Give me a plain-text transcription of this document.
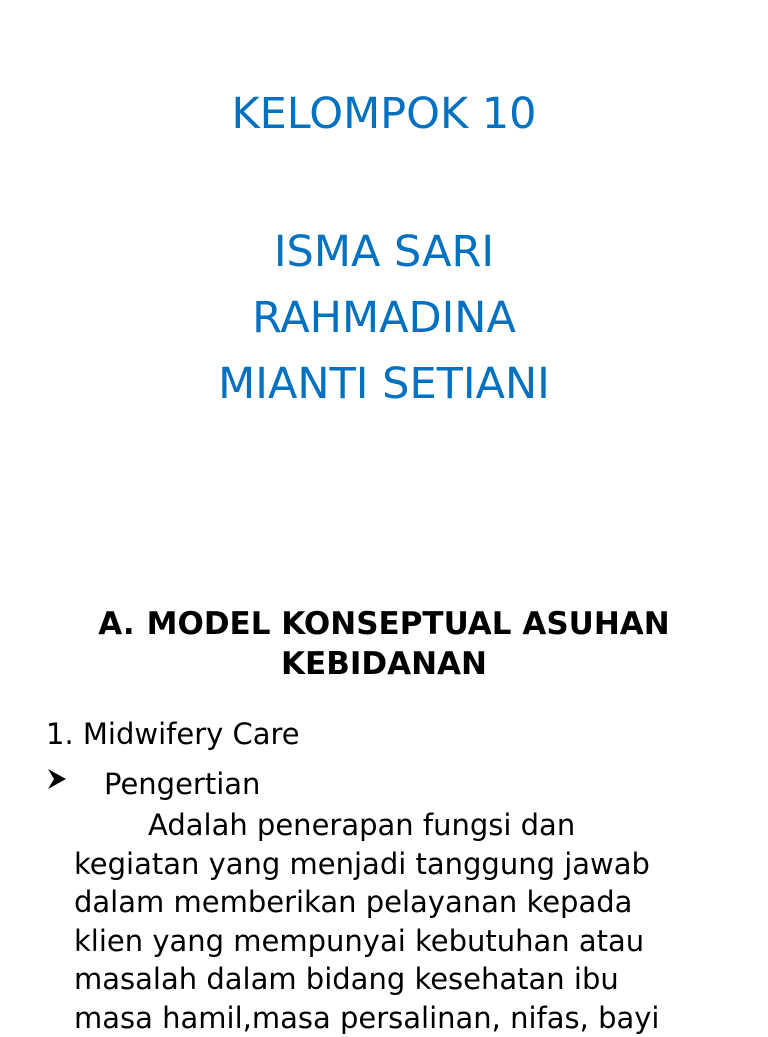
KELOMPOK 10
ISMA SARI
RAHMADINA
MIANTI SETIANI
A. MODEL KONSEPTUAL ASUHAN
KEBIDANAN
1. Midwifery Care
Pengertian
Adalah penerapan fungsi dan
kegiatan yang menjadi tanggung jawab
dalam memberikan pelayanan kepada
klien yang mempunyai kebutuhan atau
masalah dalam bidang kesehatan ibu
masa hamil,masa persalinan, nifas, bayi
